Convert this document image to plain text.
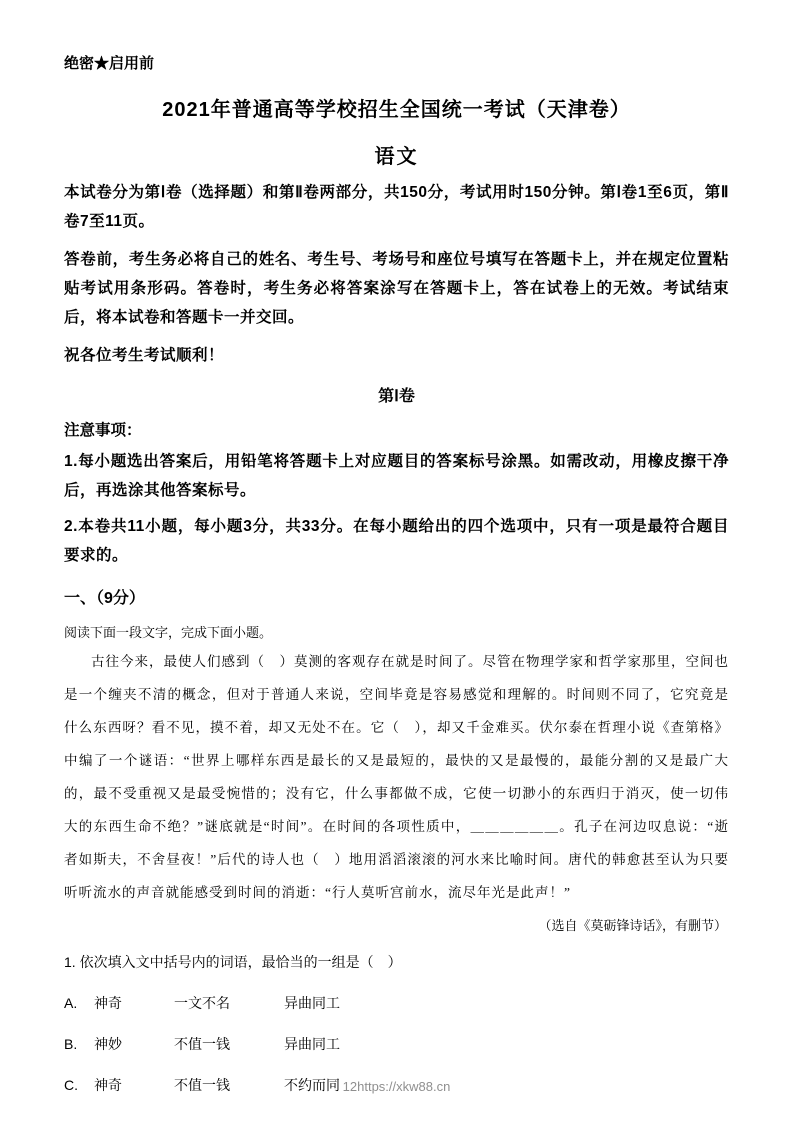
绝密★启用前
2021年普通高等学校招生全国统一考试（天津卷）
语文

本试卷分为第Ⅰ卷（选择题）和第Ⅱ卷两部分，共150分，考试用时150分钟。第Ⅰ卷1至6页，第Ⅱ卷7至11页。

答卷前，考生务必将自己的姓名、考生号、考场号和座位号填写在答题卡上，并在规定位置粘贴考试用条形码。答卷时，考生务必将答案涂写在答题卡上，答在试卷上的无效。考试结束后，将本试卷和答题卡一并交回。

祝各位考生考试顺利！

第Ⅰ卷
注意事项：

1.每小题选出答案后，用铅笔将答题卡上对应题目的答案标号涂黑。如需改动，用橡皮擦干净后，再选涂其他答案标号。

2.本卷共11小题，每小题3分，共33分。在每小题给出的四个选项中，只有一项是最符合题目要求的。

一、（9分）
阅读下面一段文字，完成下面小题。

古往今来，最使人们感到（　）莫测的客观存在就是时间了。尽管在物理学家和哲学家那里，空间也是一个缠夹不清的概念，但对于普通人来说，空间毕竟是容易感觉和理解的。时间则不同了，它究竟是什么东西呀？看不见，摸不着，却又无处不在。它（　），却又千金难买。伏尔泰在哲理小说《查第格》中编了一个谜语：“世界上哪样东西是最长的又是最短的，最快的又是最慢的，最能分割的又是最广大的，最不受重视又是最受惋惜的；没有它，什么事都做不成，它使一切渺小的东西归于消灭，使一切伟大的东西生命不绝？”谜底就是“时间”。在时间的各项性质中，＿＿＿＿＿＿。孔子在河边叹息说：“逝者如斯夫，不舍昼夜！”后代的诗人也（　）地用滔滔滚滚的河水来比喻时间。唐代的韩愈甚至认为只要听听流水的声音就能感受到时间的消逝：“行人莫听宫前水，流尽年光是此声！”

（选自《莫砺锋诗话》，有删节）
1. 依次填入文中括号内的词语，最恰当的一组是（　）
A.	神奇	一文不名	异曲同工
B.	神妙	不值一钱	异曲同工
C.	神奇	不值一钱	不约而同 12https://xkw88.cn
